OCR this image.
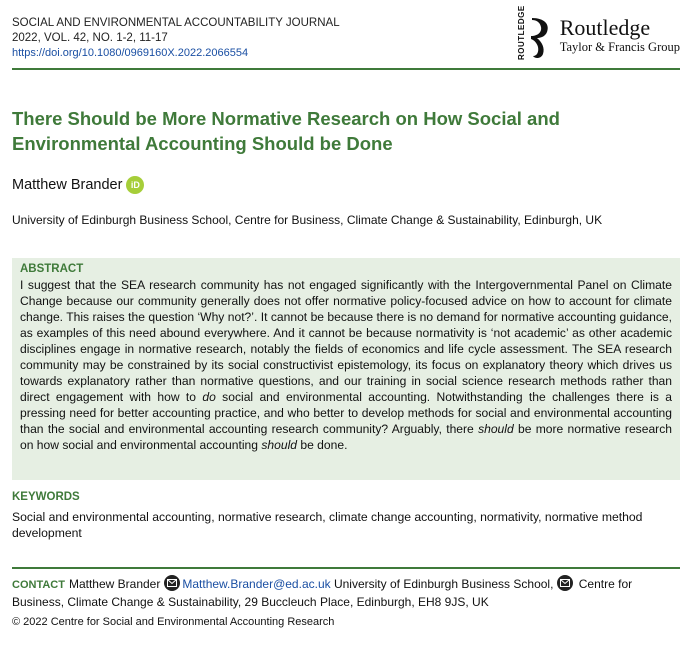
SOCIAL AND ENVIRONMENTAL ACCOUNTABILITY JOURNAL
2022, VOL. 42, NO. 1-2, 11-17
https://doi.org/10.1080/0969160X.2022.2066554	ROUTLEDGE Routledge
Taylor & Francis Group
There Should be More Normative Research on How Social and Environmental Accounting Should be Done
Matthew Brander iD
University of Edinburgh Business School, Centre for Business, Climate Change & Sustainability, Edinburgh, UK
ABSTRACT

I suggest that the SEA research community has not engaged significantly with the Intergovernmental Panel on Climate Change because our community generally does not offer normative policy-focused advice on how to account for climate change. This raises the question ‘Why not?’. It cannot be because there is no demand for normative accounting guidance, as examples of this need abound everywhere. And it cannot be because normativity is ‘not academic’ as other academic disciplines engage in normative research, notably the fields of economics and life cycle assessment. The SEA research community may be constrained by its social constructivist epistemology, its focus on explanatory theory which drives us towards explanatory rather than normative questions, and our training in social science research methods rather than direct engagement with how to do social and environmental accounting. Notwithstanding the challenges there is a pressing need for better accounting practice, and who better to develop methods for social and environmental accounting than the social and environmental accounting research community? Arguably, there should be more normative research on how social and environmental accounting should be done.

KEYWORDS
Social and environmental accounting, normative research, climate change accounting, normativity, normative method development
CONTACT Matthew Brander Matthew.Brander@ed.ac.uk University of Edinburgh Business School, Centre for Business, Climate Change & Sustainability, 29 Buccleuch Place, Edinburgh, EH8 9JS, UK
© 2022 Centre for Social and Environmental Accounting Research
